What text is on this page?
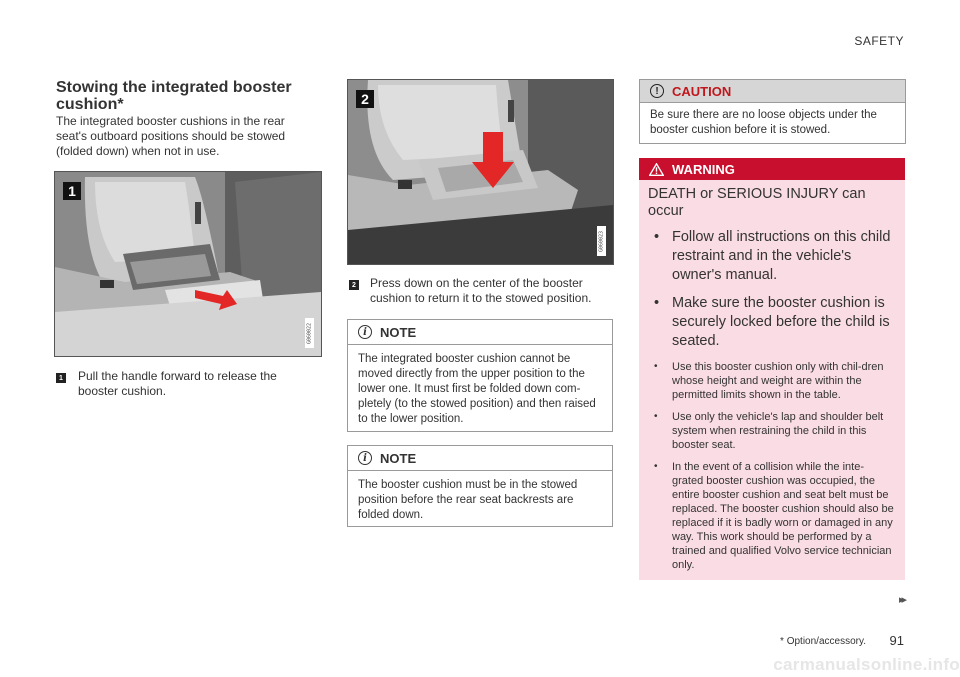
SAFETY
Stowing the integrated booster cushion*
The integrated booster cushions in the rear seat's outboard positions should be stowed (folded down) when not in use.
1
G060022
1 Pull the handle forward to release the booster cushion.
2
G060023
2 Press down on the center of the booster cushion to return it to the stowed position.
i	NOTE
The integrated booster cushion cannot be moved directly from the upper position to the lower one. It must first be folded down com-pletely (to the stowed position) and then raised to the lower position.
i	NOTE
The booster cushion must be in the stowed position before the rear seat backrests are folded down.
!	CAUTION
Be sure there are no loose objects under the booster cushion before it is stowed.
WARNING
DEATH or SERIOUS INJURY can occur
• Follow all instructions on this child restraint and in the vehicle's owner's manual.
• Make sure the booster cushion is securely locked before the child is seated.
• Use this booster cushion only with chil-dren whose height and weight are within the permitted limits shown in the table.
• Use only the vehicle's lap and shoulder belt system when restraining the child in this booster seat.
• In the event of a collision while the inte-grated booster cushion was occupied, the entire booster cushion and seat belt must be replaced. The booster cushion should also be replaced if it is badly worn or damaged in any way. This work should be performed by a trained and qualified Volvo service technician only.
▸▸
* Option/accessory. 91
carmanualsonline.info
